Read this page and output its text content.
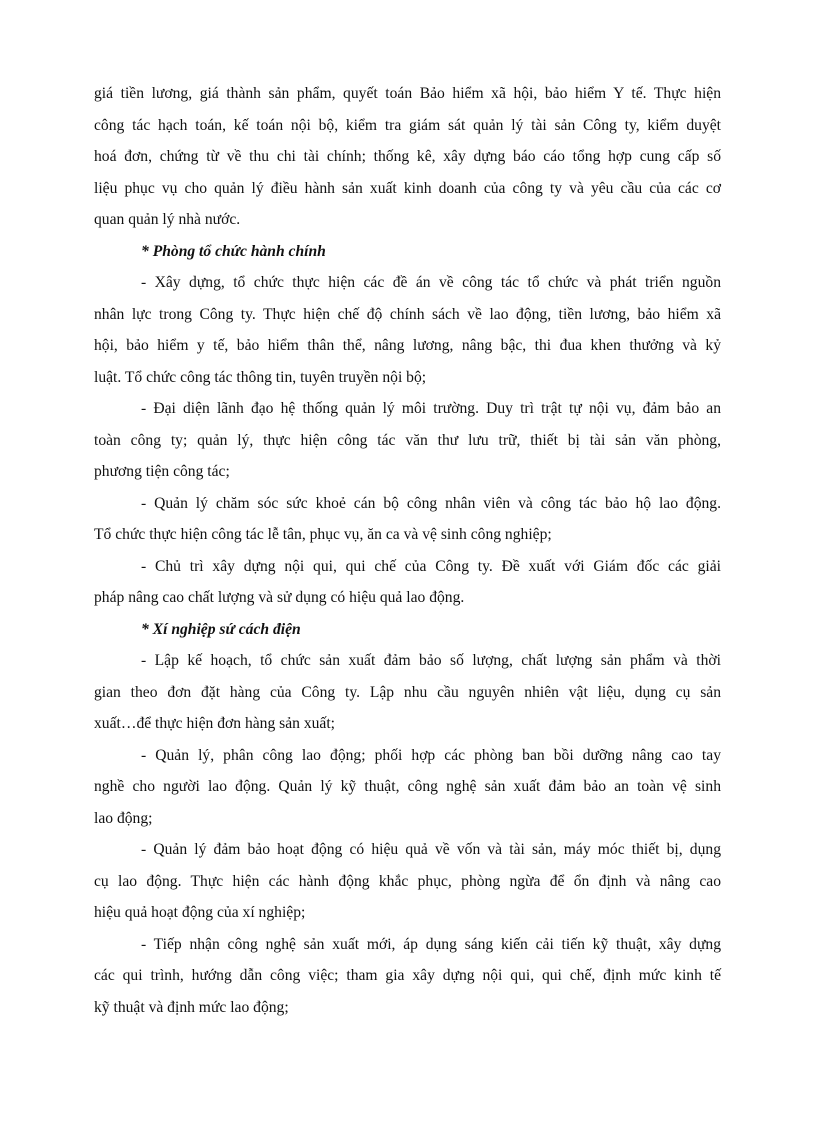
giá tiền lương, giá thành sản phẩm, quyết toán Bảo hiểm xã hội, bảo hiểm Y tế. Thực hiện
công tác hạch toán, kế toán nội bộ, kiểm tra giám sát quản lý tài sản Công ty, kiểm duyệt
hoá đơn, chứng từ về thu chi tài chính; thống kê, xây dựng báo cáo tổng hợp cung cấp số
liệu phục vụ cho quản lý điều hành sản xuất kinh doanh của công ty và yêu cầu của các cơ
quan quản lý nhà nước.

* Phòng tổ chức hành chính

- Xây dựng, tổ chức thực hiện các đề án về công tác tổ chức và phát triển nguồn
nhân lực trong Công ty. Thực hiện chế độ chính sách về lao động, tiền lương, bảo hiểm xã
hội, bảo hiểm y tế, bảo hiểm thân thể, nâng lương, nâng bậc, thi đua khen thưởng và kỷ
luật. Tổ chức công tác thông tin, tuyên truyền nội bộ;
- Đại diện lãnh đạo hệ thống quản lý môi trường. Duy trì trật tự nội vụ, đảm bảo an
toàn công ty; quản lý, thực hiện công tác văn thư lưu trữ, thiết bị tài sản văn phòng,
phương tiện công tác;
- Quản lý chăm sóc sức khoẻ cán bộ công nhân viên và công tác bảo hộ lao động.
Tổ chức thực hiện công tác lễ tân, phục vụ, ăn ca và vệ sinh công nghiệp;
- Chủ trì xây dựng nội qui, qui chế của Công ty. Đề xuất với Giám đốc các giải
pháp nâng cao chất lượng và sử dụng có hiệu quả lao động.

* Xí nghiệp sứ cách điện

- Lập kế hoạch, tổ chức sản xuất đảm bảo số lượng, chất lượng sản phẩm và thời
gian theo đơn đặt hàng của Công ty. Lập nhu cầu nguyên nhiên vật liệu, dụng cụ sản
xuất…để thực hiện đơn hàng sản xuất;
- Quản lý, phân công lao động; phối hợp các phòng ban bồi dưỡng nâng cao tay
nghề cho người lao động. Quản lý kỹ thuật, công nghệ sản xuất đảm bảo an toàn vệ sinh
lao động;
- Quản lý đảm bảo hoạt động có hiệu quả về vốn và tài sản, máy móc thiết bị, dụng
cụ lao động. Thực hiện các hành động khắc phục, phòng ngừa để ổn định và nâng cao
hiệu quả hoạt động của xí nghiệp;
- Tiếp nhận công nghệ sản xuất mới, áp dụng sáng kiến cải tiến kỹ thuật, xây dựng
các qui trình, hướng dẫn công việc; tham gia xây dựng nội qui, qui chế, định mức kinh tế
kỹ thuật và định mức lao động;
